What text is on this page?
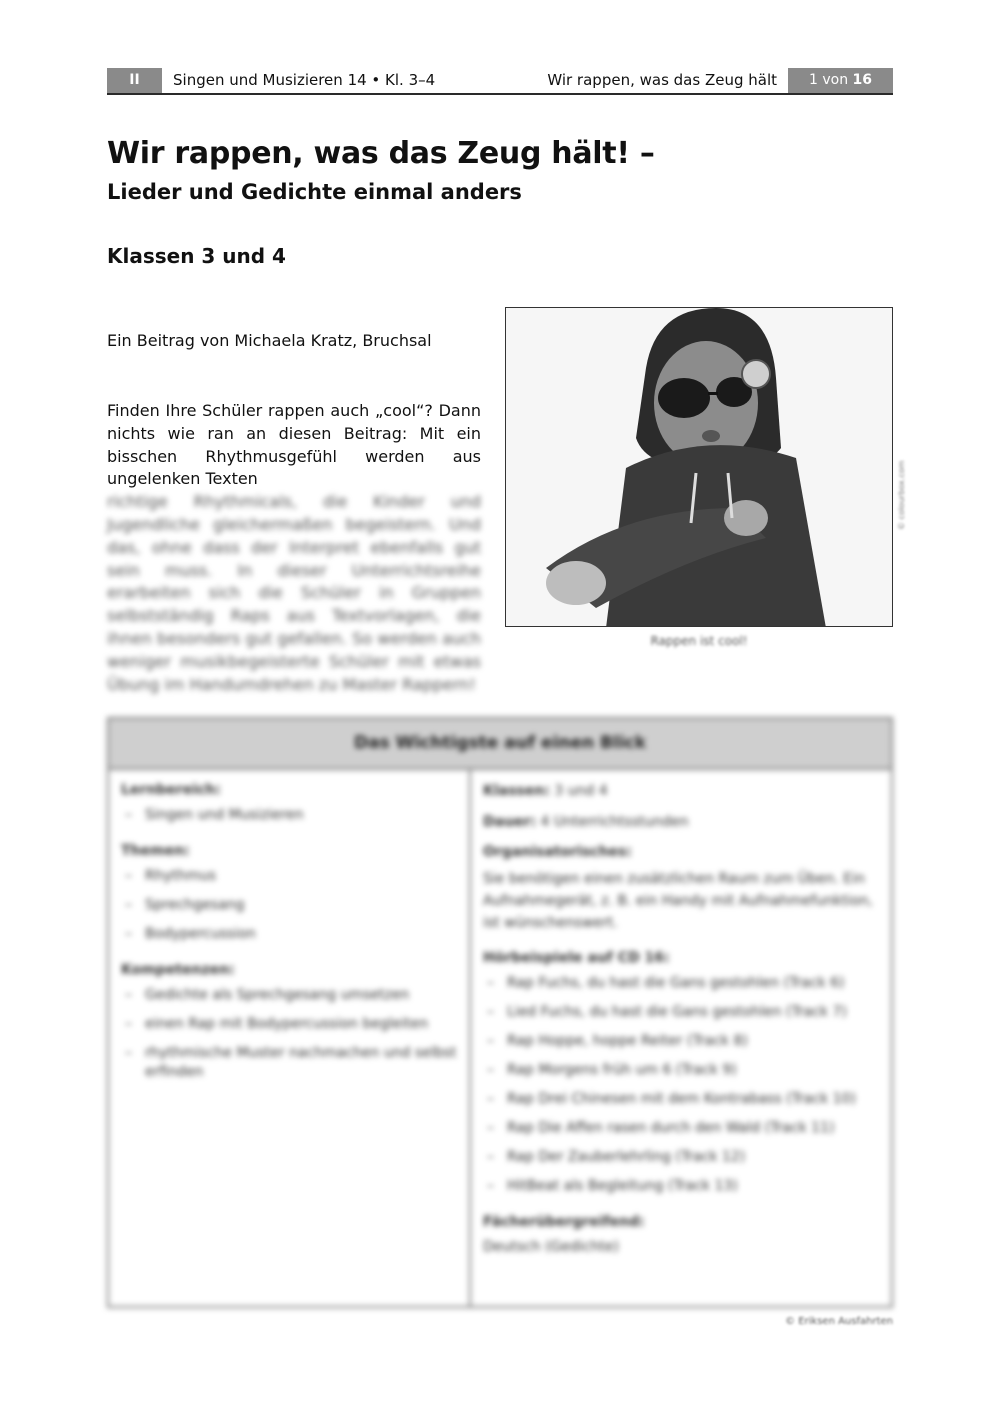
II	Singen und Musizieren 14 • Kl. 3–4	Wir rappen, was das Zeug hält	1 von 16
Wir rappen, was das Zeug hält! –
Lieder und Gedichte einmal anders
Klassen 3 und 4

Ein Beitrag von Michaela Kratz, Bruchsal

Finden Ihre Schüler rappen auch „cool“? Dann nichts wie ran an diesen Beitrag: Mit ein bisschen Rhythmusgefühl werden aus ungelenken Texten
richtige Rhythmicals, die Kinder und Jugendliche gleichermaßen begeistern. Und das, ohne dass der Interpret ebenfalls gut sein muss. In dieser Unterrichtsreihe erarbeiten sich die Schüler in Gruppen selbstständig Raps aus Textvorlagen, die ihnen besonders gut gefallen. So werden auch weniger musikbegeisterte Schüler mit etwas Übung im Handumdrehen zu Master Rappern!

© colourbox.com
Rappen ist cool!
Das Wichtigste auf einen Blick
Lernbereich:
– Singen und Musizieren
Themen:
– Rhythmus
– Sprechgesang
– Bodypercussion
Kompetenzen:
– Gedichte als Sprechgesang umsetzen
– einen Rap mit Bodypercussion begleiten
– rhythmische Muster nachmachen und selbst erfinden

Klassen: 3 und 4

Dauer: 4 Unterrichtsstunden

Organisatorisches:

Sie benötigen einen zusätzlichen Raum zum Üben. Ein Aufnahmegerät, z. B. ein Handy mit Aufnahmefunktion, ist wünschenswert.

Hörbeispiele auf CD 16:
– Rap Fuchs, du hast die Gans gestohlen (Track 6)
– Lied Fuchs, du hast die Gans gestohlen (Track 7)
– Rap Hoppe, hoppe Reiter (Track 8)
– Rap Morgens früh um 6 (Track 9)
– Rap Drei Chinesen mit dem Kontrabass (Track 10)
– Rap Die Affen rasen durch den Wald (Track 11)
– Rap Der Zauberlehrling (Track 12)
– HitBeat als Begleitung (Track 13)
Fächerübergreifend:

Deutsch (Gedichte)

© Eriksen Ausfahrten
